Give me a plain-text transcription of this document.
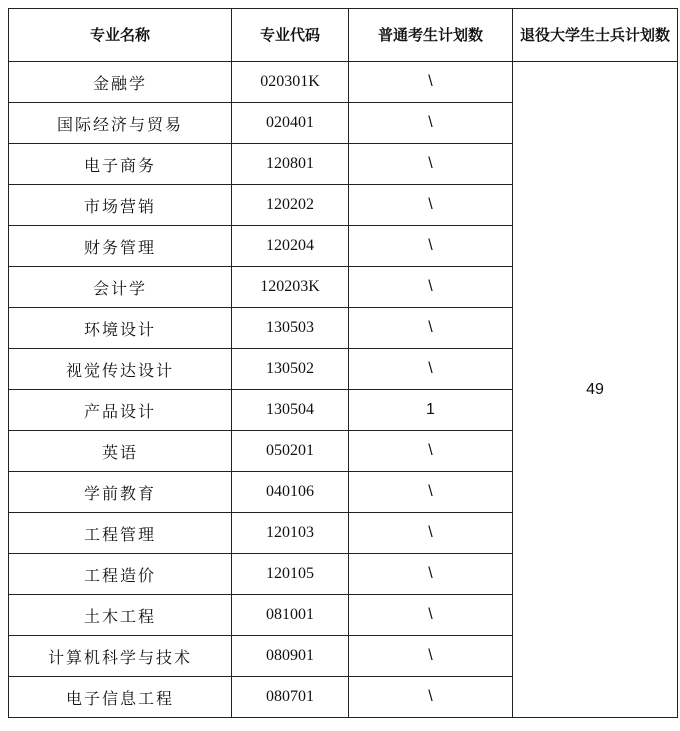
专业名称	专业代码	普通考生计划数	退役大学生士兵计划数
金融学	020301K	\	49
国际经济与贸易	020401	\	
电子商务	120801	\	
市场营销	120202	\	
财务管理	120204	\	
会计学	120203K	\	
环境设计	130503	\	
视觉传达设计	130502	\	
产品设计	130504	1	
英语	050201	\	
学前教育	040106	\	
工程管理	120103	\	
工程造价	120105	\	
土木工程	081001	\	
计算机科学与技术	080901	\	
电子信息工程	080701	\	
